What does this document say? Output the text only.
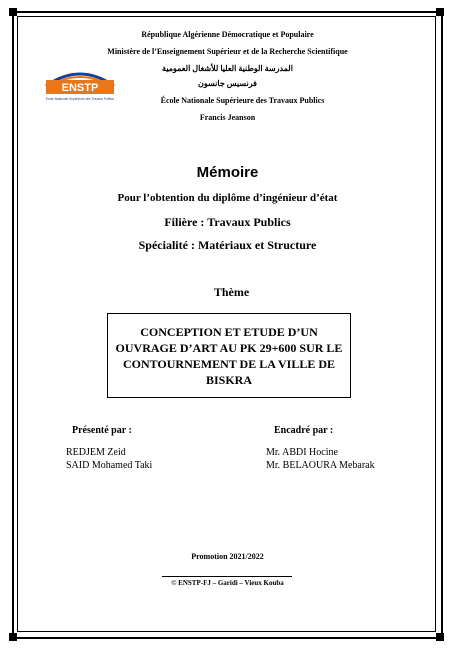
République Algérienne Démocratique et Populaire
Ministère de l’Enseignement Supérieur et de la Recherche Scientifique
المدرسة الوطنية العليا للأشغال العمومية
فرنسيس جانسون
École Nationale Supérieure des Travaux Publics
Francis Jeanson
ENSTP
Ecole Nationale Supérieure des Travaux Publics
Mémoire
Pour l’obtention du diplôme d’ingénieur d’état
Filière : Travaux Publics
Spécialité : Matériaux et Structure
Thème
CONCEPTION ET ETUDE D’UN OUVRAGE D’ART AU PK 29+600 SUR LE CONTOURNEMENT DE LA VILLE DE BISKRA
Présenté par :
REDJEM Zeid
SAID Mohamed Taki
Encadré par :
Mr. ABDI Hocine
Mr. BELAOURA Mebarak
Promotion 2021/2022
© ENSTP-FJ – Garidi – Vieux Kouba
